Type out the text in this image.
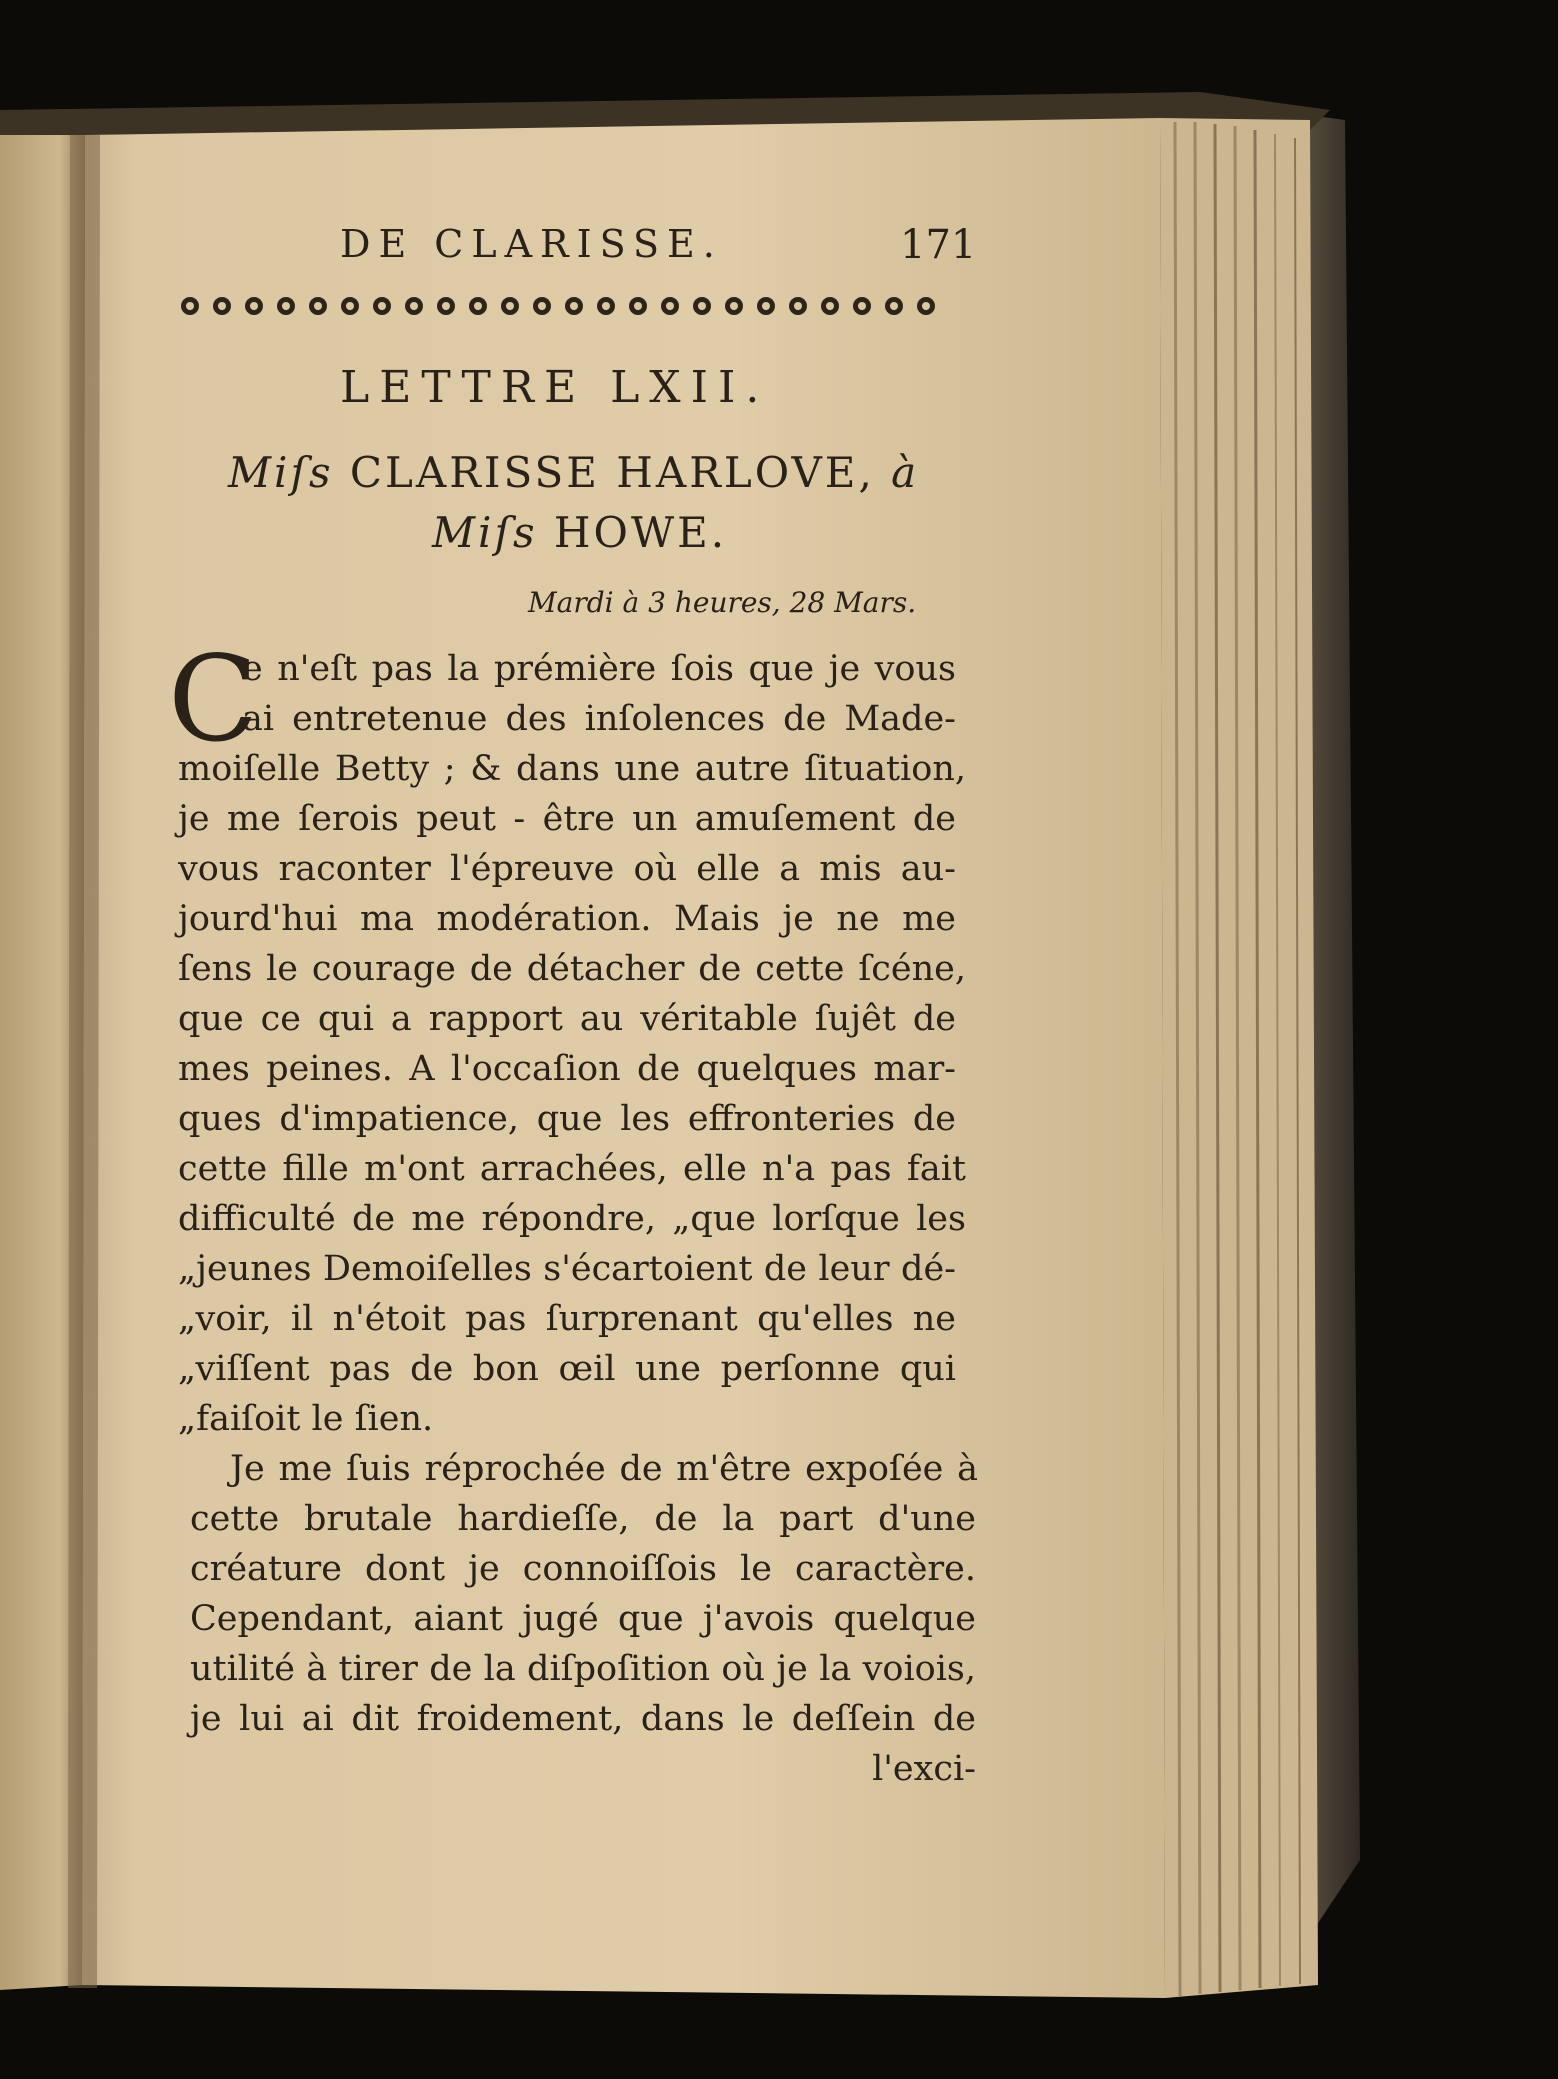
DE CLARISSE.	171
LETTRE LXII.
Miſs CLARISSE HARLOVE, à
Miſs HOWE.
Mardi à 3 heures, 28 Mars.
C
e n'eſt pas la prémière ſois que je vous
ai entretenue des inſolences de Made-
moiſelle Betty ; & dans une autre ſituation,
je me ſerois peut - être un amuſement de
vous raconter l'épreuve où elle a mis au-
jourd'hui ma modération. Mais je ne me
ſens le courage de détacher de cette ſcéne,
que ce qui a rapport au véritable ſujêt de
mes peines. A l'occaſion de quelques mar-
ques d'impatience, que les effronteries de
cette fille m'ont arrachées, elle n'a pas fait
difficulté de me répondre, „que lorſque les
„jeunes Demoiſelles s'écartoient de leur dé-
„voir, il n'étoit pas ſurprenant qu'elles ne
„viſſent pas de bon œil une perſonne qui
„faiſoit le ſien.
Je me ſuis réprochée de m'être expoſée à
cette brutale hardieſſe, de la part d'une
créature dont je connoiſſois le caractère.
Cependant, aiant jugé que j'avois quelque
utilité à tirer de la diſpoſition où je la voiois,
je lui ai dit froidement, dans le deſſein de
l'exci-
